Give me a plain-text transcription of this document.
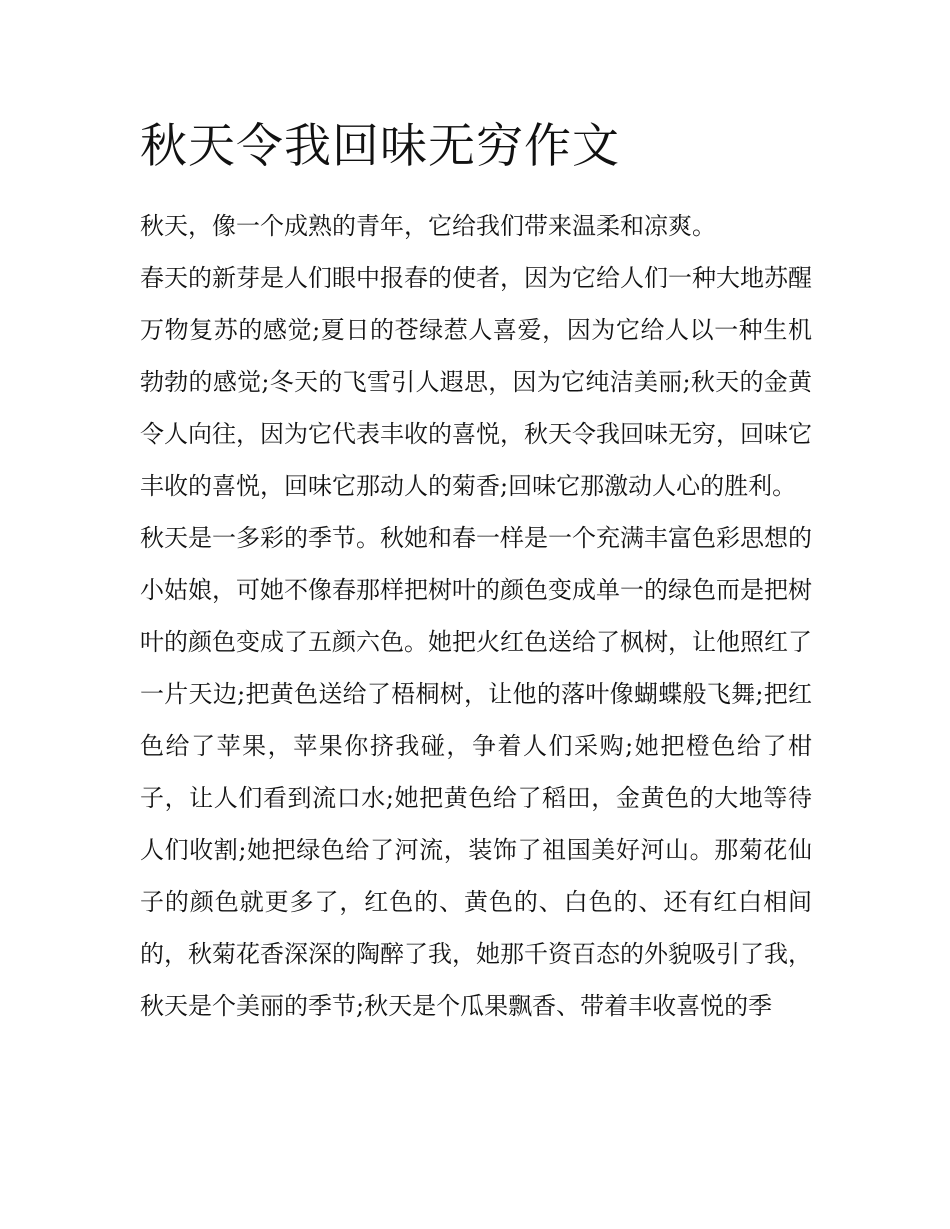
秋天令我回味无穷作文

秋天，像一个成熟的青年，它给我们带来温柔和凉爽。

春天的新芽是人们眼中报春的使者，因为它给人们一种大地苏醒万物复苏的感觉;夏日的苍绿惹人喜爱，因为它给人以一种生机勃勃的感觉;冬天的飞雪引人遐思，因为它纯洁美丽;秋天的金黄令人向往，因为它代表丰收的喜悦，秋天令我回味无穷，回味它丰收的喜悦，回味它那动人的菊香;回味它那激动人心的胜利。

秋天是一多彩的季节。秋她和春一样是一个充满丰富色彩思想的小姑娘，可她不像春那样把树叶的颜色变成单一的绿色而是把树叶的颜色变成了五颜六色。她把火红色送给了枫树，让他照红了一片天边;把黄色送给了梧桐树，让他的落叶像蝴蝶般飞舞;把红色给了苹果，苹果你挤我碰，争着人们采购;她把橙色给了柑子，让人们看到流口水;她把黄色给了稻田，金黄色的大地等待人们收割;她把绿色给了河流，装饰了祖国美好河山。那菊花仙子的颜色就更多了，红色的、黄色的、白色的、还有红白相间的，秋菊花香深深的陶醉了我，她那千资百态的外貌吸引了我，

秋天是个美丽的季节;秋天是个瓜果飘香、带着丰收喜悦的季
